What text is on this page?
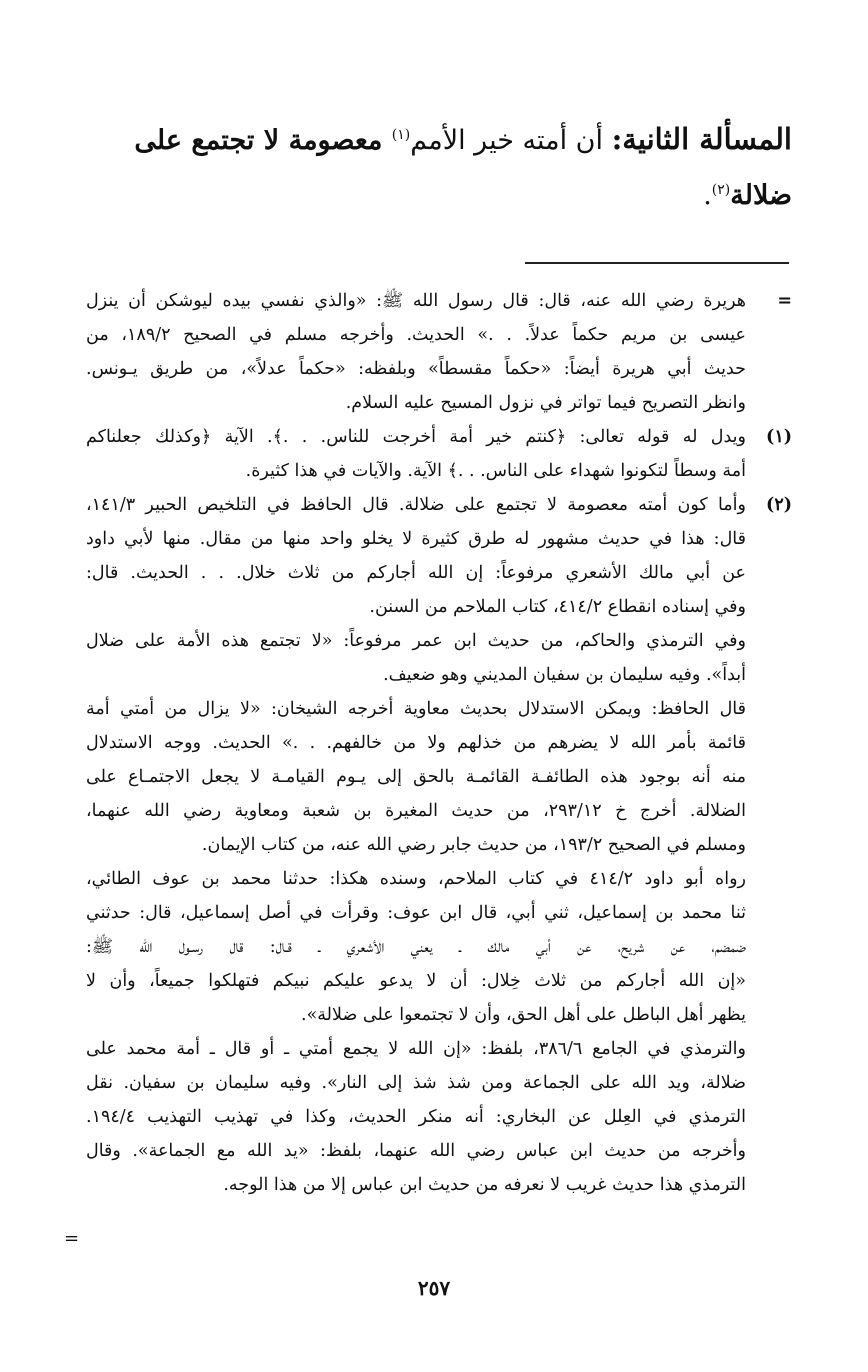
المسألة الثانية: أن أمته خير الأمم$^{(١)}$ معصومة لا تجتمع على
ضلالة$^{(٢)}$.
=
هريرة رضي الله عنه، قال: قال رسول الله ﷺ: «والذي نفسي بيده ليوشكن أن ينزل
عيسى بن مريم حكماً عدلاً. . .» الحديث. وأخرجه مسلم في الصحيح ١٨٩/٢، من
حديث أبي هريرة أيضاً: «حكماً مقسطاً» وبلفظه: «حكماً عدلاً»، من طريق يـونس.
وانظر التصريح فيما تواتر في نزول المسيح عليه السلام.
(١)
ويدل له قوله تعالى: ﴿كنتم خير أمة أخرجت للناس. . .﴾. الآية ﴿وكذلك جعلناكم
أمة وسطاً لتكونوا شهداء على الناس. . .﴾ الآية. والآيات في هذا كثيرة.
(٢)
وأما كون أمته معصومة لا تجتمع على ضلالة. قال الحافظ في التلخيص الحبير ١٤١/٣،
قال: هذا في حديث مشهور له طرق كثيرة لا يخلو واحد منها من مقال. منها لأبي داود
عن أبي مالك الأشعري مرفوعاً: إن الله أجاركم من ثلاث خلال. . . الحديث. قال:
وفي إسناده انقطاع ٤١٤/٢، كتاب الملاحم من السنن.
وفي الترمذي والحاكم، من حديث ابن عمر مرفوعاً: «لا تجتمع هذه الأمة على ضلال
أبداً». وفيه سليمان بن سفيان المديني وهو ضعيف.
قال الحافظ: ويمكن الاستدلال بحديث معاوية أخرجه الشيخان: «لا يزال من أمتي أمة
قائمة بأمر الله لا يضرهم من خذلهم ولا من خالفهم. . .» الحديث. ووجه الاستدلال
منه أنه بوجود هذه الطائفـة القائمـة بالحق إلى يـوم القيامـة لا يجعل الاجتمـاع على
الضلالة. أخرج خ ٢٩٣/١٢، من حديث المغيرة بن شعبة ومعاوية رضي الله عنهما،
ومسلم في الصحيح ١٩٣/٢، من حديث جابر رضي الله عنه، من كتاب الإيمان.
رواه أبو داود ٤١٤/٢ في كتاب الملاحم، وسنده هكذا: حدثنا محمد بن عوف الطائي،
ثنا محمد بن إسماعيل، ثني أبي، قال ابن عوف: وقرأت في أصل إسماعيل، قال: حدثني
ضمضم، عن شريح، عن أبي مالك ـ يعني الأشعري ـ قـال: قال رسـول الله ﷺ:
«إن الله أجاركم من ثلاث خِلال: أن لا يدعو عليكم نبيكم فتهلكوا جميعاً، وأن لا
يظهر أهل الباطل على أهل الحق، وأن لا تجتمعوا على ضلالة».
والترمذي في الجامع ٣٨٦/٦، بلفظ: «إن الله لا يجمع أمتي ـ أو قال ـ أمة محمد على
ضلالة، ويد الله على الجماعة ومن شذ شذ إلى النار». وفيه سليمان بن سفيان. نقل
الترمذي في العِلل عن البخاري: أنه منكر الحديث، وكذا في تهذيب التهذيب ١٩٤/٤.
وأخرجه من حديث ابن عباس رضي الله عنهما، بلفظ: «يد الله مع الجماعة». وقال
الترمذي هذا حديث غريب لا نعرفه من حديث ابن عباس إلا من هذا الوجه.
=
٢٥٧
